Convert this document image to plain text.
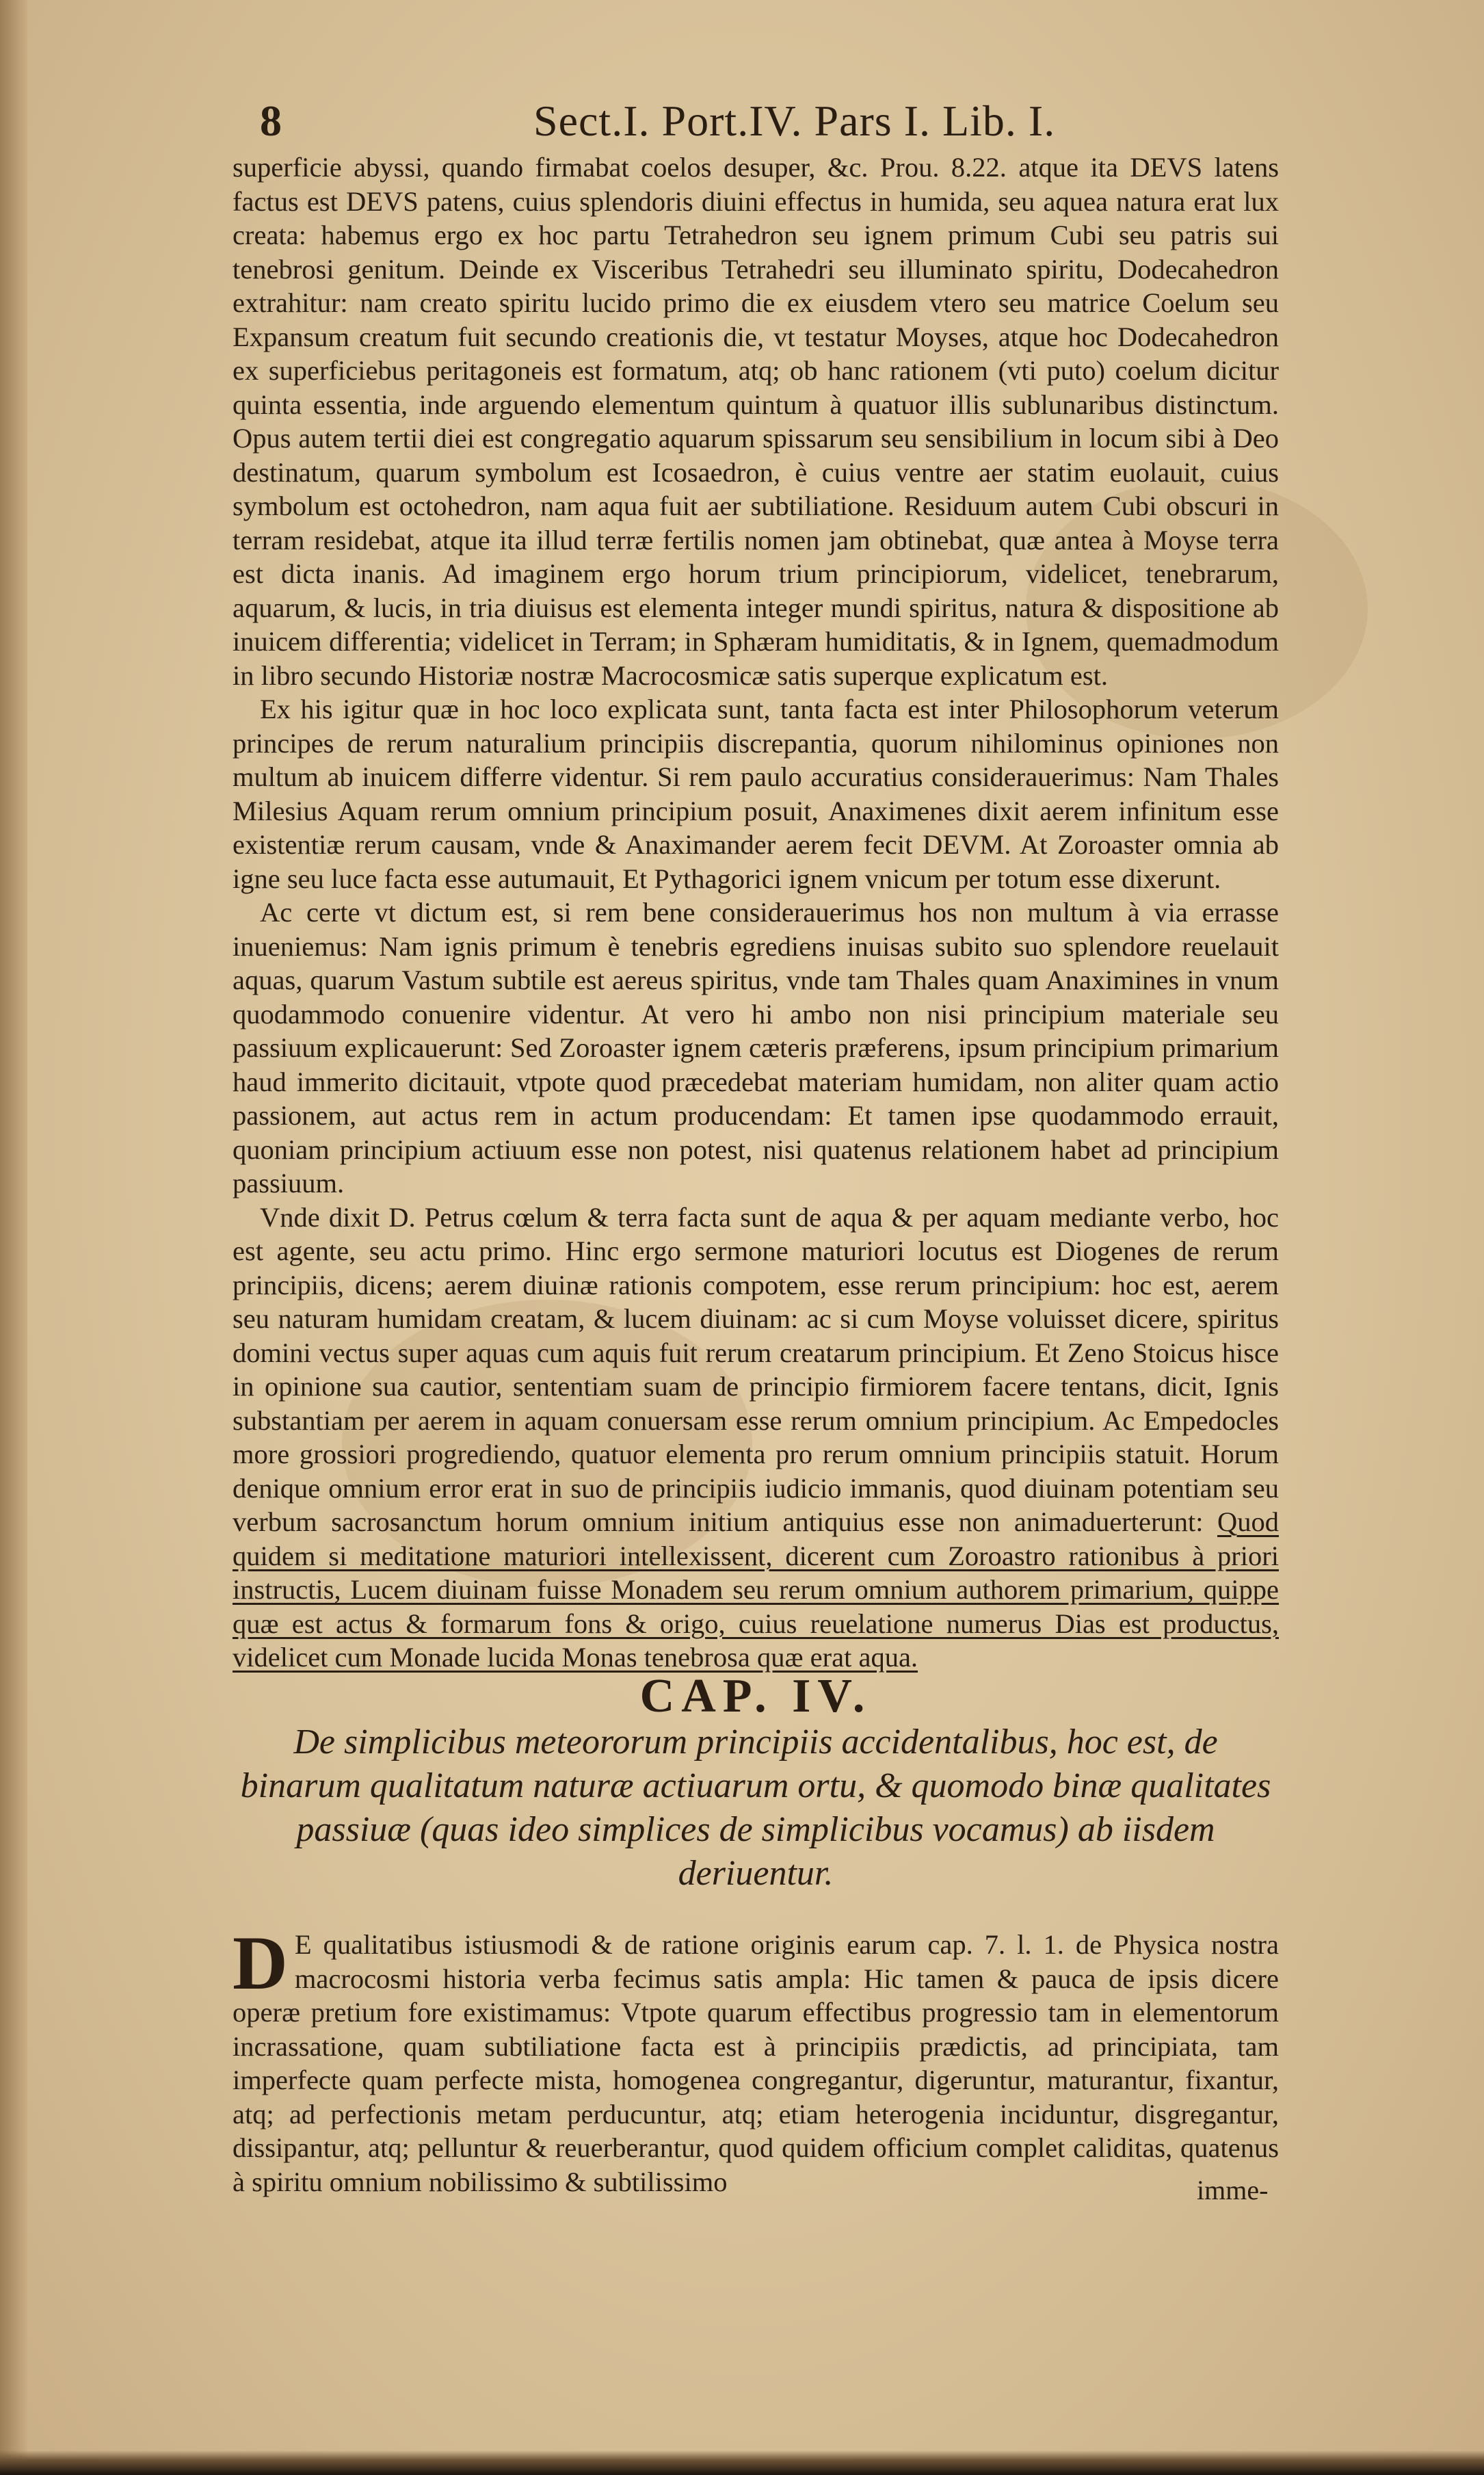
8	Sect.I. Port.IV. Pars I. Lib. I.

superficie abyssi, quando firmabat coelos desuper, &c. Prou. 8.22. atque ita DEVS latens factus est DEVS patens, cuius splendoris diuini effectus in humida, seu aquea natura erat lux creata: habemus ergo ex hoc partu Tetrahedron seu ignem primum Cubi seu patris sui tenebrosi genitum. Deinde ex Visceribus Tetrahedri seu illuminato spiritu, Dodecahedron extrahitur: nam creato spiritu lucido primo die ex eiusdem vtero seu matrice Coelum seu Expansum creatum fuit secundo creationis die, vt testatur Moyses, atque hoc Dodecahedron ex superficiebus peritagoneis est formatum, atq; ob hanc rationem (vti puto) coelum dicitur quinta essentia, inde arguendo elementum quintum à quatuor illis sublunaribus distinctum. Opus autem tertii diei est congregatio aquarum spissarum seu sensibilium in locum sibi à Deo destinatum, quarum symbolum est Icosaedron, è cuius ventre aer statim euolauit, cuius symbolum est octohedron, nam aqua fuit aer subtiliatione. Residuum autem Cubi obscuri in terram residebat, atque ita illud terræ fertilis nomen jam obtinebat, quæ antea à Moyse terra est dicta inanis. Ad imaginem ergo horum trium principiorum, videlicet, tenebrarum, aquarum, & lucis, in tria diuisus est elementa integer mundi spiritus, natura & dispositione ab inuicem differentia; videlicet in Terram; in Sphæram humiditatis, & in Ignem, quemadmodum in libro secundo Historiæ nostræ Macrocosmicæ satis superque explicatum est.

Ex his igitur quæ in hoc loco explicata sunt, tanta facta est inter Philosophorum veterum principes de rerum naturalium principiis discrepantia, quorum nihilominus opiniones non multum ab inuicem differre videntur. Si rem paulo accuratius considerauerimus: Nam Thales Milesius Aquam rerum omnium principium posuit, Anaximenes dixit aerem infinitum esse existentiæ rerum causam, vnde & Anaximander aerem fecit DEVM. At Zoroaster omnia ab igne seu luce facta esse autumauit, Et Pythagorici ignem vnicum per totum esse dixerunt.

Ac certe vt dictum est, si rem bene considerauerimus hos non multum à via errasse inueniemus: Nam ignis primum è tenebris egrediens inuisas subito suo splendore reuelauit aquas, quarum Vastum subtile est aereus spiritus, vnde tam Thales quam Anaximines in vnum quodammodo conuenire videntur. At vero hi ambo non nisi principium materiale seu passiuum explicauerunt: Sed Zoroaster ignem cæteris præferens, ipsum principium primarium haud immerito dicitauit, vtpote quod præcedebat materiam humidam, non aliter quam actio passionem, aut actus rem in actum producendam: Et tamen ipse quodammodo errauit, quoniam principium actiuum esse non potest, nisi quatenus relationem habet ad principium passiuum.

Vnde dixit D. Petrus cœlum & terra facta sunt de aqua & per aquam mediante verbo, hoc est agente, seu actu primo. Hinc ergo sermone maturiori locutus est Diogenes de rerum principiis, dicens; aerem diuinæ rationis compotem, esse rerum principium: hoc est, aerem seu naturam humidam creatam, & lucem diuinam: ac si cum Moyse voluisset dicere, spiritus domini vectus super aquas cum aquis fuit rerum creatarum principium. Et Zeno Stoicus hisce in opinione sua cautior, sententiam suam de principio firmiorem facere tentans, dicit, Ignis substantiam per aerem in aquam conuersam esse rerum omnium principium. Ac Empedocles more grossiori progrediendo, quatuor elementa pro rerum omnium principiis statuit. Horum denique omnium error erat in suo de principiis iudicio immanis, quod diuinam potentiam seu verbum sacrosanctum horum omnium initium antiquius esse non animaduerterunt: Quod quidem si meditatione maturiori intellexissent, dicerent cum Zoroastro rationibus à priori instructis, Lucem diuinam fuisse Monadem seu rerum omnium authorem primarium, quippe quæ est actus & formarum fons & origo, cuius reuelatione numerus Dias est productus, videlicet cum Monade lucida Monas tenebrosa quæ erat aqua.

CAP. IV.
De simplicibus meteororum principiis accidentalibus, hoc est, de binarum qualitatum naturæ actiuarum ortu, & quomodo binæ qualitates passiuæ (quas ideo simplices de simplicibus vocamus) ab iisdem deriuentur.
D E qualitatibus istiusmodi & de ratione originis earum cap. 7. l. 1. de Physica nostra macrocosmi historia verba fecimus satis ampla: Hic tamen & pauca de ipsis dicere operæ pretium fore existimamus: Vtpote quarum effectibus progressio tam in elementorum incrassatione, quam subtiliatione facta est à principiis prædictis, ad principiata, tam imperfecte quam perfecte mista, homogenea congregantur, digeruntur, maturantur, fixantur, atq; ad perfectionis metam perducuntur, atq; etiam heterogenia inciduntur, disgregantur, dissipantur, atq; pelluntur & reuerberantur, quod quidem officium complet caliditas, quatenus à spiritu omnium nobilissimo & subtilissimo	imme-
